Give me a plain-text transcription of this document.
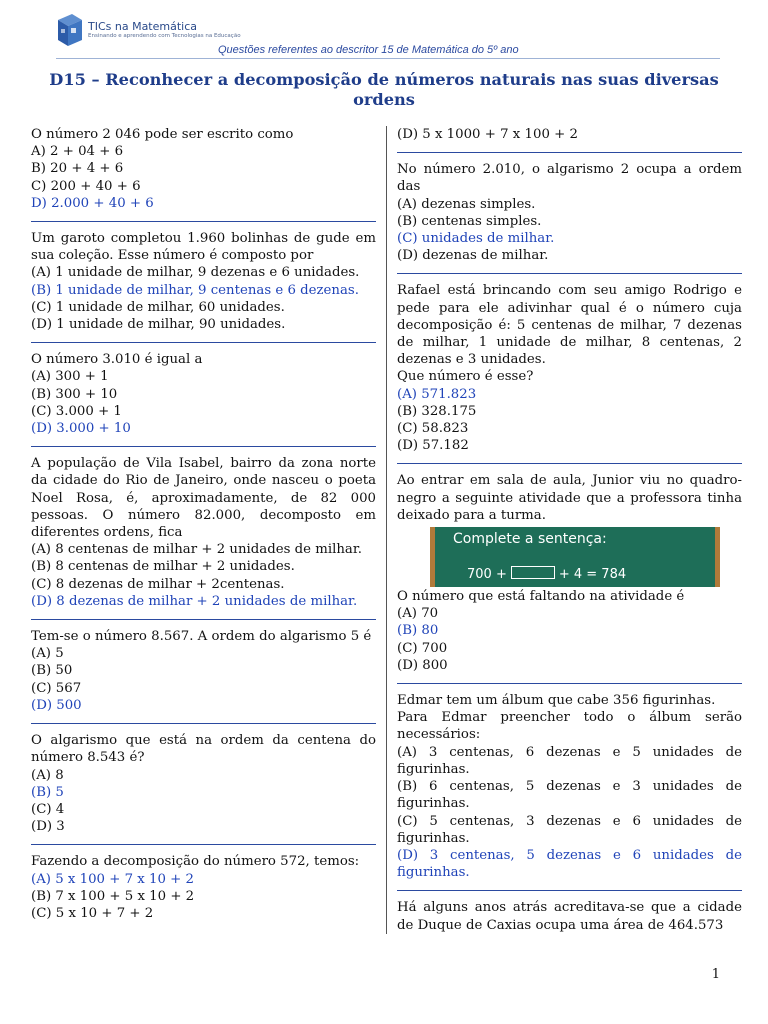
TICs na Matemática
Ensinando e aprendendo com Tecnologias na Educação
Questões referentes ao descritor 15 de Matemática do 5º ano
D15 – Reconhecer a decomposição de números naturais nas suas diversas ordens

O número 2 046 pode ser escrito como

A) 2 + 04 + 6

B) 20 + 4 + 6

C) 200 + 40 + 6

D) 2.000 + 40 + 6

Um garoto completou 1.960 bolinhas de gude em sua coleção. Esse número é composto por

(A) 1 unidade de milhar, 9 dezenas e 6 unidades.

(B) 1 unidade de milhar, 9 centenas e 6 dezenas.

(C) 1 unidade de milhar, 60 unidades.

(D) 1 unidade de milhar, 90 unidades.

O número 3.010 é igual a

(A) 300 + 1

(B) 300 + 10

(C) 3.000 + 1

(D) 3.000 + 10

A população de Vila Isabel, bairro da zona norte da cidade do Rio de Janeiro, onde nasceu o poeta Noel Rosa, é, aproximadamente, de 82 000 pessoas. O número 82.000, decomposto em diferentes ordens, fica

(A) 8 centenas de milhar + 2 unidades de milhar.

(B) 8 centenas de milhar + 2 unidades.

(C) 8 dezenas de milhar + 2centenas.

(D) 8 dezenas de milhar + 2 unidades de milhar.

Tem-se o número 8.567. A ordem do algarismo 5 é

(A) 5

(B) 50

(C) 567

(D) 500

O algarismo que está na ordem da centena do número 8.543 é?

(A) 8

(B) 5

(C) 4

(D) 3

Fazendo a decomposição do número 572, temos:

(A) 5 x 100 + 7 x 10 + 2

(B) 7 x 100 + 5 x 10 + 2

(C) 5 x 10 + 7 + 2

(D) 5 x 1000 + 7 x 100 + 2

No número 2.010, o algarismo 2 ocupa a ordem das

(A) dezenas simples.

(B) centenas simples.

(C) unidades de milhar.

(D) dezenas de milhar.

Rafael está brincando com seu amigo Rodrigo e pede para ele adivinhar qual é o número cuja decomposição é: 5 centenas de milhar, 7 dezenas de milhar, 1 unidade de milhar, 8 centenas, 2 dezenas e 3 unidades.

Que número é esse?

(A) 571.823

(B) 328.175

(C) 58.823

(D) 57.182

Ao entrar em sala de aula, Junior viu no quadro-negro a seguinte atividade que a professora tinha deixado para a turma.

Complete a sentença:
700 +	+ 4 = 784

O número que está faltando na atividade é

(A) 70

(B) 80

(C) 700

(D) 800

Edmar tem um álbum que cabe 356 figurinhas.

Para Edmar preencher todo o álbum serão necessários:

(A) 3 centenas, 6 dezenas e 5 unidades de figurinhas.

(B) 6 centenas, 5 dezenas e 3 unidades de figurinhas.

(C) 5 centenas, 3 dezenas e 6 unidades de figurinhas.

(D) 3 centenas, 5 dezenas e 6 unidades de figurinhas.

Há alguns anos atrás acreditava-se que a cidade de Duque de Caxias ocupa uma área de 464.573

1
